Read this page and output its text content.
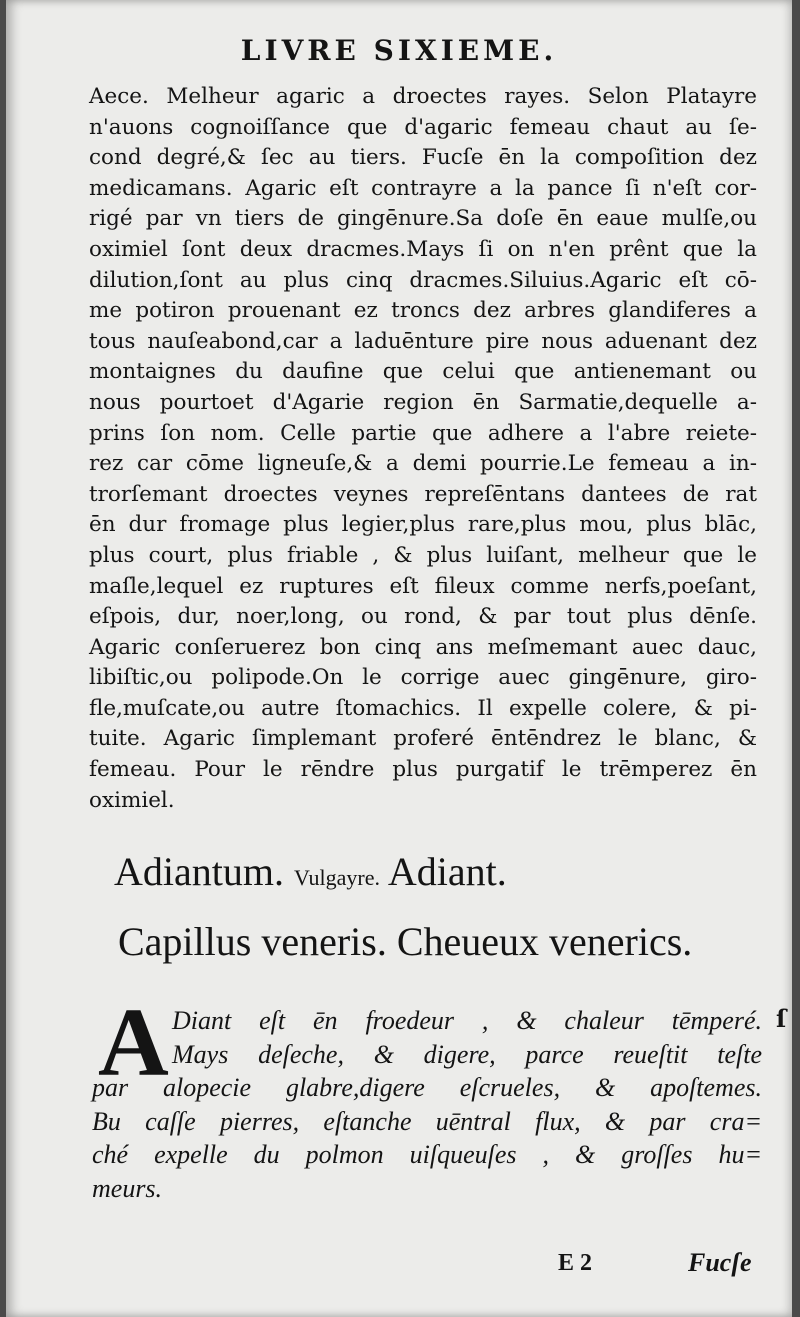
LIVRE SIXIEME.
Aece. Melheur agaric a droectes rayes. Selon Platayre
n'auons cognoiſſance que d'agaric femeau chaut au ſe-
cond degré,& ſec au tiers. Fucſe ēn la compoſition dez
medicamans. Agaric eſt contrayre a la pance ſi n'eſt cor-
rigé par vn tiers de gingēnure.Sa doſe ēn eaue mulſe,ou
oximiel ſont deux dracmes.Mays ſi on n'en prênt que la
dilution,ſont au plus cinq dracmes.Siluius.Agaric eſt cō-
me potiron prouenant ez troncs dez arbres glandiferes a
tous nauſeabond,car a laduēnture pire nous aduenant dez
montaignes du daufine que celui que antienemant ou
nous pourtoet d'Agarie region ēn Sarmatie,dequelle a-
prins ſon nom. Celle partie que adhere a l'abre reiete-
rez car cōme ligneuſe,& a demi pourrie.Le femeau a in-
trorſemant droectes veynes repreſēntans dantees de rat
ēn dur fromage plus legier,plus rare,plus mou, plus blāc,
plus court, plus friable , & plus luiſant, melheur que le
maſle,lequel ez ruptures eſt fileux comme nerfs,poeſant,
eſpois, dur, noer,long, ou rond, & par tout plus dēnſe.
Agaric conſeruerez bon cinq ans meſmemant auec dauc,
libiſtic,ou polipode.On le corrige auec gingēnure, giro-
fle,muſcate,ou autre ſtomachics. Il expelle colere, & pi-
tuite. Agaric ſimplemant proferé ēntēndrez le blanc, &
femeau. Pour le rēndre plus purgatif le trēmperez ēn
oximiel.
Adiantum. Vulgayre. Adiant.
Capillus veneris. Cheueux venerics.
A Diant eſt ēn froedeur , & chaleur tēmperé.
Mays deſeche, & digere, parce reueſtit teſte
par alopecie glabre,digere eſcrueles, & apoſtemes.
Bu caſſe pierres, eſtanche uēntral flux, & par cra=
ché expelle du polmon uiſqueuſes , & groſſes hu=
meurs.
E 2	Fucſe
ſ
